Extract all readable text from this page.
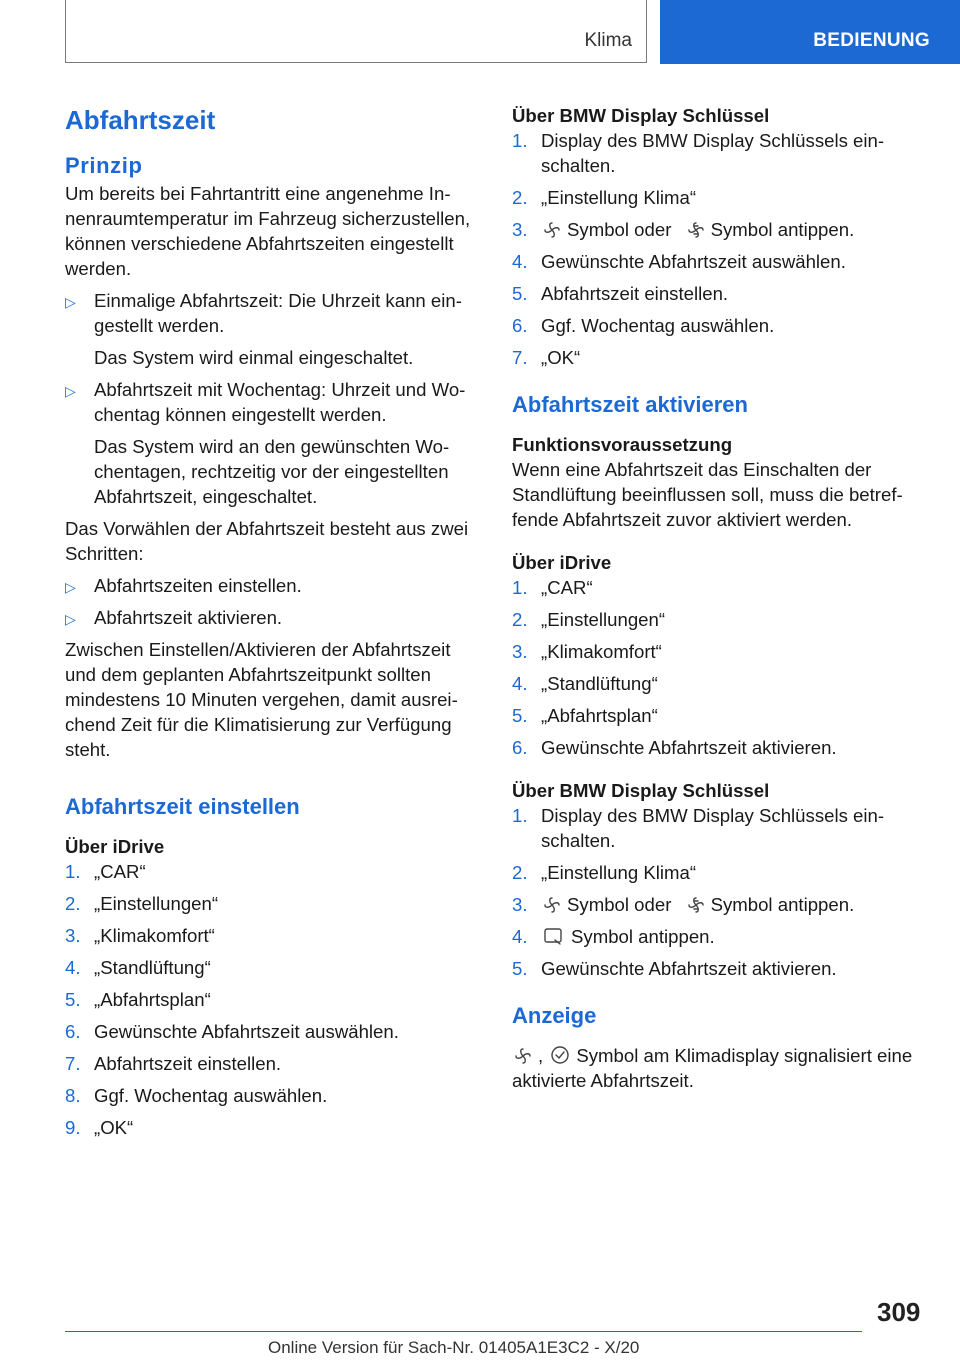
Klima	BEDIENUNG
Abfahrtszeit
Prinzip

Um bereits bei Fahrtantritt eine angenehme Innenraumtemperatur im Fahrzeug sicherzustellen, können verschiedene Abfahrtszeiten eingestellt werden.

▷ Einmalige Abfahrtszeit: Die Uhrzeit kann eingestellt werden.
Das System wird einmal eingeschaltet.
▷ Abfahrtszeit mit Wochentag: Uhrzeit und Wochentag können eingestellt werden.
Das System wird an den gewünschten Wochentagen, rechtzeitig vor der eingestellten Abfahrtszeit, eingeschaltet.

Das Vorwählen der Abfahrtszeit besteht aus zwei Schritten:

▷ Abfahrtszeiten einstellen.
▷ Abfahrtszeit aktivieren.

Zwischen Einstellen/Aktivieren der Abfahrtszeit und dem geplanten Abfahrtszeitpunkt sollten mindestens 10 Minuten vergehen, damit ausreichend Zeit für die Klimatisierung zur Verfügung steht.

Abfahrtszeit einstellen
Über iDrive
1. „CAR“
2. „Einstellungen“
3. „Klimakomfort“
4. „Standlüftung“
5. „Abfahrtsplan“
6. Gewünschte Abfahrtszeit auswählen.
7. Abfahrtszeit einstellen.
8. Ggf. Wochentag auswählen.
9. „OK“
Über BMW Display Schlüssel
1. Display des BMW Display Schlüssels einschalten.
2. „Einstellung Klima“
3. Symbol oder Symbol antippen.
4. Gewünschte Abfahrtszeit auswählen.
5. Abfahrtszeit einstellen.
6. Ggf. Wochentag auswählen.
7. „OK“
Abfahrtszeit aktivieren
Funktionsvoraussetzung

Wenn eine Abfahrtszeit das Einschalten der Standlüftung beeinflussen soll, muss die betreffende Abfahrtszeit zuvor aktiviert werden.

Über iDrive
1. „CAR“
2. „Einstellungen“
3. „Klimakomfort“
4. „Standlüftung“
5. „Abfahrtsplan“
6. Gewünschte Abfahrtszeit aktivieren.
Über BMW Display Schlüssel
1. Display des BMW Display Schlüssels einschalten.
2. „Einstellung Klima“
3. Symbol oder Symbol antippen.
4. Symbol antippen.
5. Gewünschte Abfahrtszeit aktivieren.
Anzeige

, Symbol am Klimadisplay signalisiert eine aktivierte Abfahrtszeit.

309
Online Version für Sach-Nr. 01405A1E3C2 - X/20
